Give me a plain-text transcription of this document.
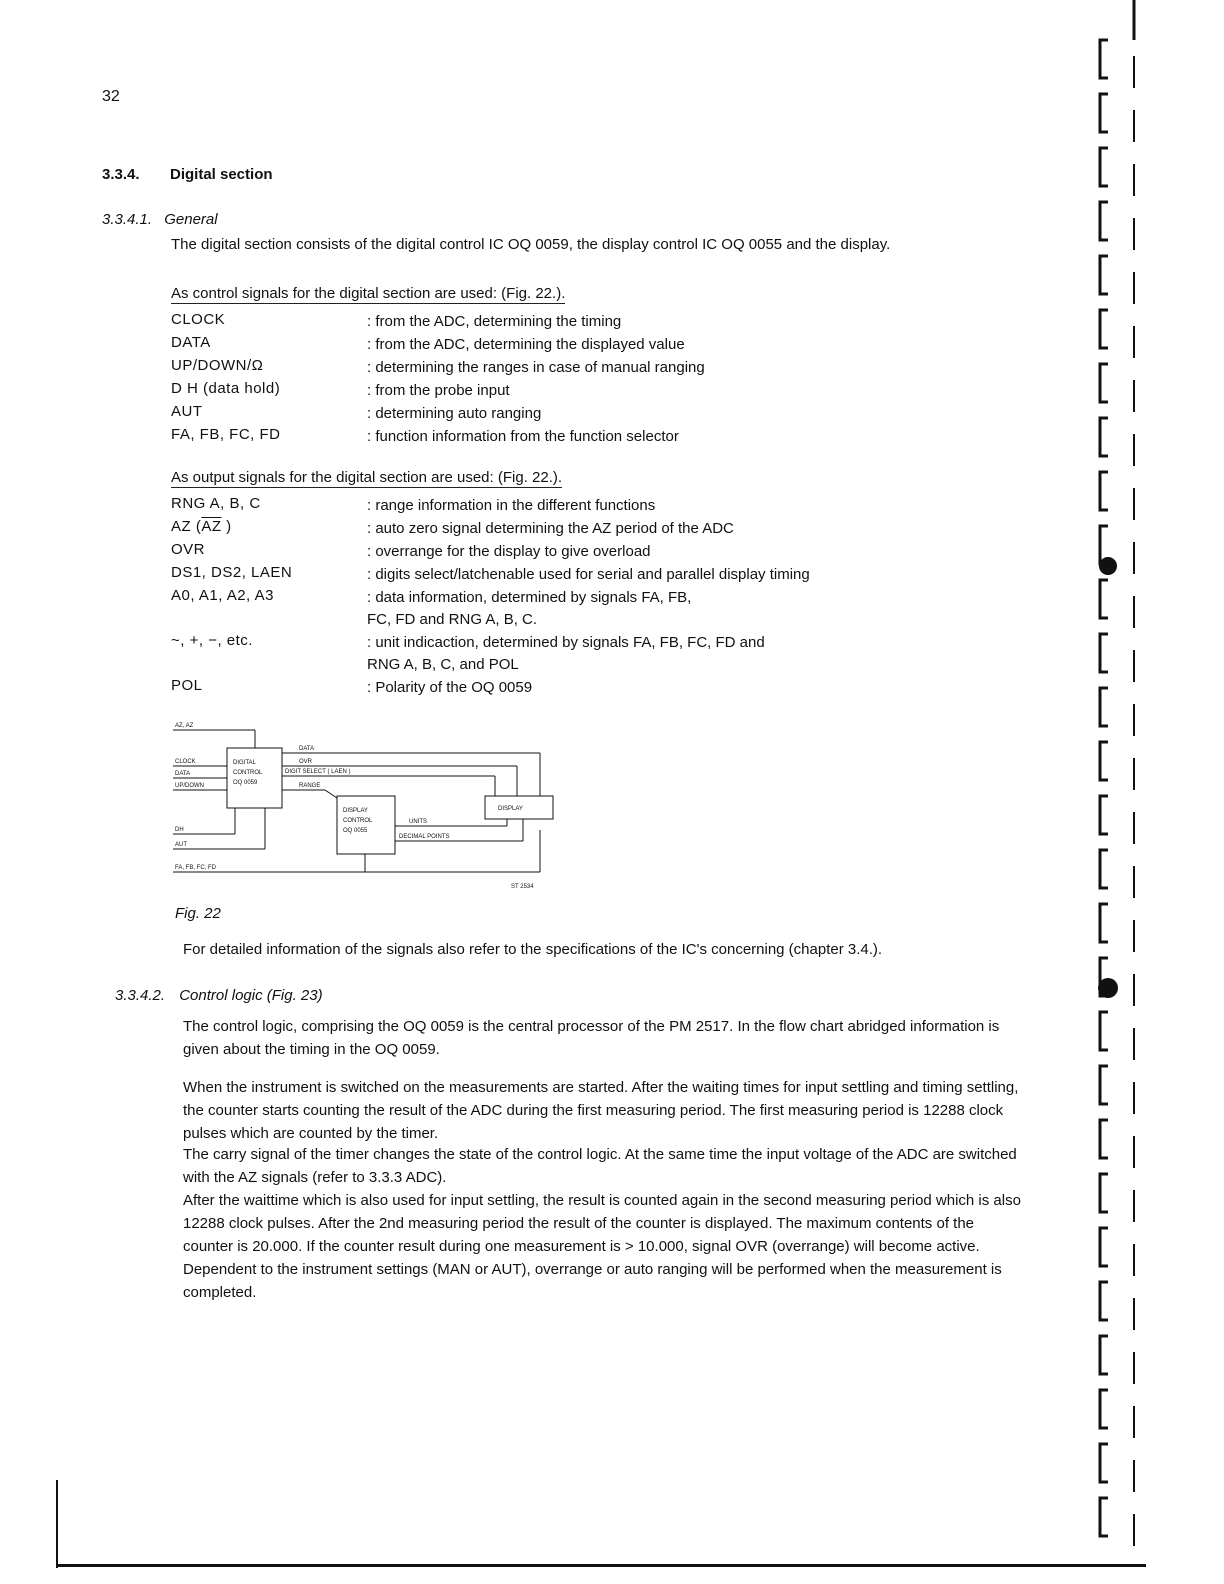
32
3.3.4. Digital section
3.3.4.1. General
The digital section consists of the digital control IC OQ 0059, the display control IC OQ 0055 and the display.
As control signals for the digital section are used: (Fig. 22.).
CLOCK	: from the ADC, determining the timing
DATA	: from the ADC, determining the displayed value
UP/DOWN/Ω	: determining the ranges in case of manual ranging
D H (data hold)	: from the probe input
AUT	: determining auto ranging
FA, FB, FC, FD	: function information from the function selector
As output signals for the digital section are used: (Fig. 22.).
RNG A, B, C	: range information in the different functions
AZ ($\overline{AZ}$ )	: auto zero signal determining the AZ period of the ADC
OVR	: overrange for the display to give overload
DS1, DS2, LAEN	: digits select/latchenable used for serial and parallel display timing
A0, A1, A2, A3	: data information, determined by signals FA, FB, FC, FD and RNG A, B, C.
~, +, −, etc.	: unit indicaction, determined by signals FA, FB, FC, FD and RNG A, B, C, and POL
POL	: Polarity of the OQ 0059
AZ, AZ
CLOCK
DATA
UP/DOWN
DH
AUT
FA, FB, FC, FD
DIGITAL
CONTROL
OQ 0059
DISPLAY
CONTROL
OQ 0055
DISPLAY
DATA
OVR
DIGIT SELECT ( LAEN )
RANGE
UNITS
DECIMAL POINTS
ST 2534
Fig. 22
For detailed information of the signals also refer to the specifications of the IC's concerning (chapter 3.4.).
3.3.4.2. Control logic (Fig. 23)
The control logic, comprising the OQ 0059 is the central processor of the PM 2517. In the flow chart abridged information is given about the timing in the OQ 0059.
When the instrument is switched on the measurements are started. After the waiting times for input settling and timing settling, the counter starts counting the result of the ADC during the first measuring period. The first measuring period is 12288 clock pulses which are counted by the timer.
The carry signal of the timer changes the state of the control logic. At the same time the input voltage of the ADC are switched with the AZ signals (refer to 3.3.3 ADC).
After the waittime which is also used for input settling, the result is counted again in the second measuring period which is also 12288 clock pulses. After the 2nd measuring period the result of the counter is displayed. The maximum contents of the counter is 20.000. If the counter result during one measurement is > 10.000, signal OVR (overrange) will become active. Dependent to the instrument settings (MAN or AUT), overrange or auto ranging will be performed when the measurement is completed.
